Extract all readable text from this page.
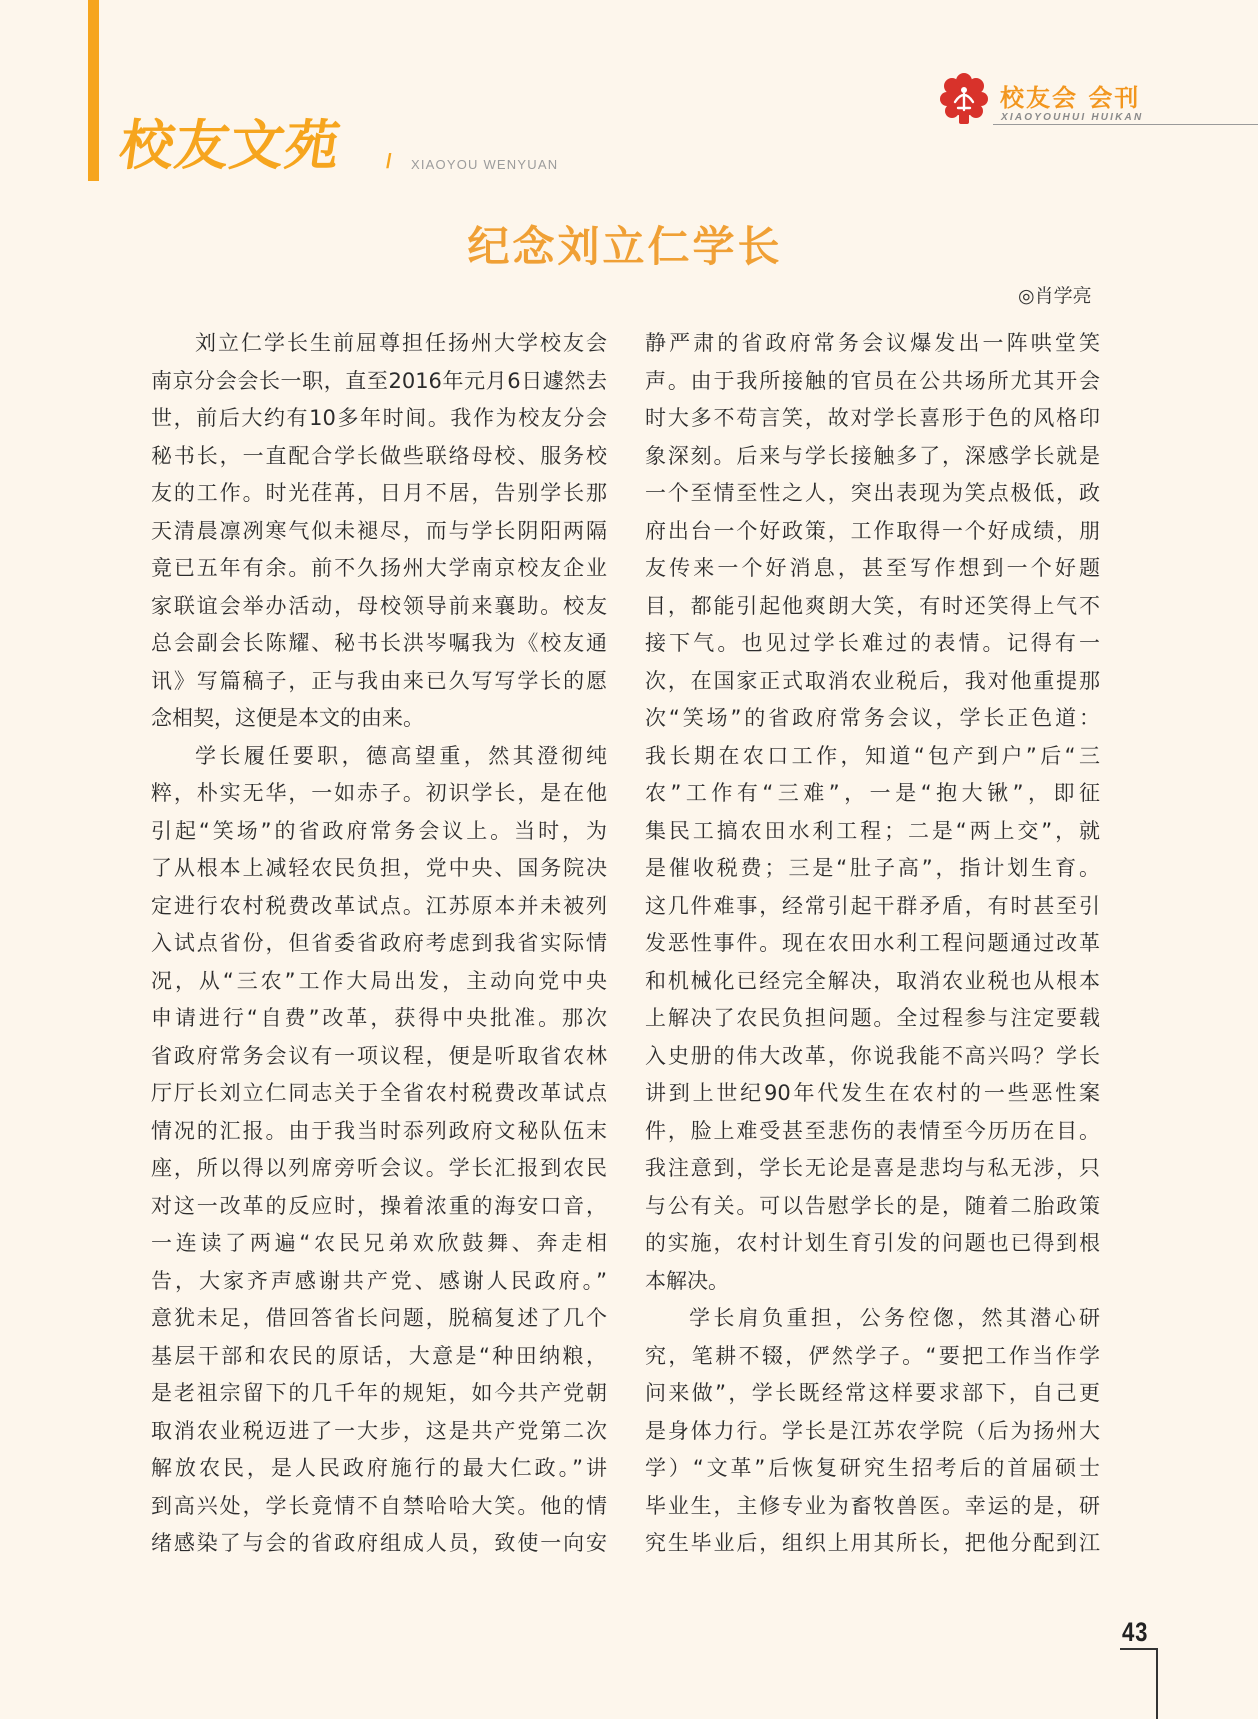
校友文苑 / XIAOYOU WENYUAN
校友会 会刊
XIAOYOUHUI HUIKAN
纪念刘立仁学长
◎肖学亮
刘立仁学长生前屈尊担任扬州大学校友会
南京分会会长一职，直至2016年元月6日遽然去
世，前后大约有10多年时间。我作为校友分会
秘书长，一直配合学长做些联络母校、服务校
友的工作。时光荏苒，日月不居，告别学长那
天清晨凛冽寒气似未褪尽，而与学长阴阳两隔
竟已五年有余。前不久扬州大学南京校友企业
家联谊会举办活动，母校领导前来襄助。校友
总会副会长陈耀、秘书长洪岑嘱我为《校友通
讯》写篇稿子，正与我由来已久写写学长的愿
念相契，这便是本文的由来。
学长履任要职，德高望重，然其澄彻纯
粹，朴实无华，一如赤子。初识学长，是在他
引起“笑场”的省政府常务会议上。当时，为
了从根本上减轻农民负担，党中央、国务院决
定进行农村税费改革试点。江苏原本并未被列
入试点省份，但省委省政府考虑到我省实际情
况，从“三农”工作大局出发，主动向党中央
申请进行“自费”改革，获得中央批准。那次
省政府常务会议有一项议程，便是听取省农林
厅厅长刘立仁同志关于全省农村税费改革试点
情况的汇报。由于我当时忝列政府文秘队伍末
座，所以得以列席旁听会议。学长汇报到农民
对这一改革的反应时，操着浓重的海安口音，
一连读了两遍“农民兄弟欢欣鼓舞、奔走相
告，大家齐声感谢共产党、感谢人民政府。”
意犹未足，借回答省长问题，脱稿复述了几个
基层干部和农民的原话，大意是“种田纳粮，
是老祖宗留下的几千年的规矩，如今共产党朝
取消农业税迈进了一大步，这是共产党第二次
解放农民，是人民政府施行的最大仁政。”讲
到高兴处，学长竟情不自禁哈哈大笑。他的情
绪感染了与会的省政府组成人员，致使一向安
静严肃的省政府常务会议爆发出一阵哄堂笑
声。由于我所接触的官员在公共场所尤其开会
时大多不苟言笑，故对学长喜形于色的风格印
象深刻。后来与学长接触多了，深感学长就是
一个至情至性之人，突出表现为笑点极低，政
府出台一个好政策，工作取得一个好成绩，朋
友传来一个好消息，甚至写作想到一个好题
目，都能引起他爽朗大笑，有时还笑得上气不
接下气。也见过学长难过的表情。记得有一
次，在国家正式取消农业税后，我对他重提那
次“笑场”的省政府常务会议，学长正色道：
我长期在农口工作，知道“包产到户”后“三
农”工作有“三难”，一是“抱大锹”，即征
集民工搞农田水利工程；二是“两上交”，就
是催收税费；三是“肚子高”，指计划生育。
这几件难事，经常引起干群矛盾，有时甚至引
发恶性事件。现在农田水利工程问题通过改革
和机械化已经完全解决，取消农业税也从根本
上解决了农民负担问题。全过程参与注定要载
入史册的伟大改革，你说我能不高兴吗？学长
讲到上世纪90年代发生在农村的一些恶性案
件，脸上难受甚至悲伤的表情至今历历在目。
我注意到，学长无论是喜是悲均与私无涉，只
与公有关。可以告慰学长的是，随着二胎政策
的实施，农村计划生育引发的问题也已得到根
本解决。
学长肩负重担，公务倥偬，然其潜心研
究，笔耕不辍，俨然学子。“要把工作当作学
问来做”，学长既经常这样要求部下，自己更
是身体力行。学长是江苏农学院（后为扬州大
学）“文革”后恢复研究生招考后的首届硕士
毕业生，主修专业为畜牧兽医。幸运的是，研
究生毕业后，组织上用其所长，把他分配到江
43
